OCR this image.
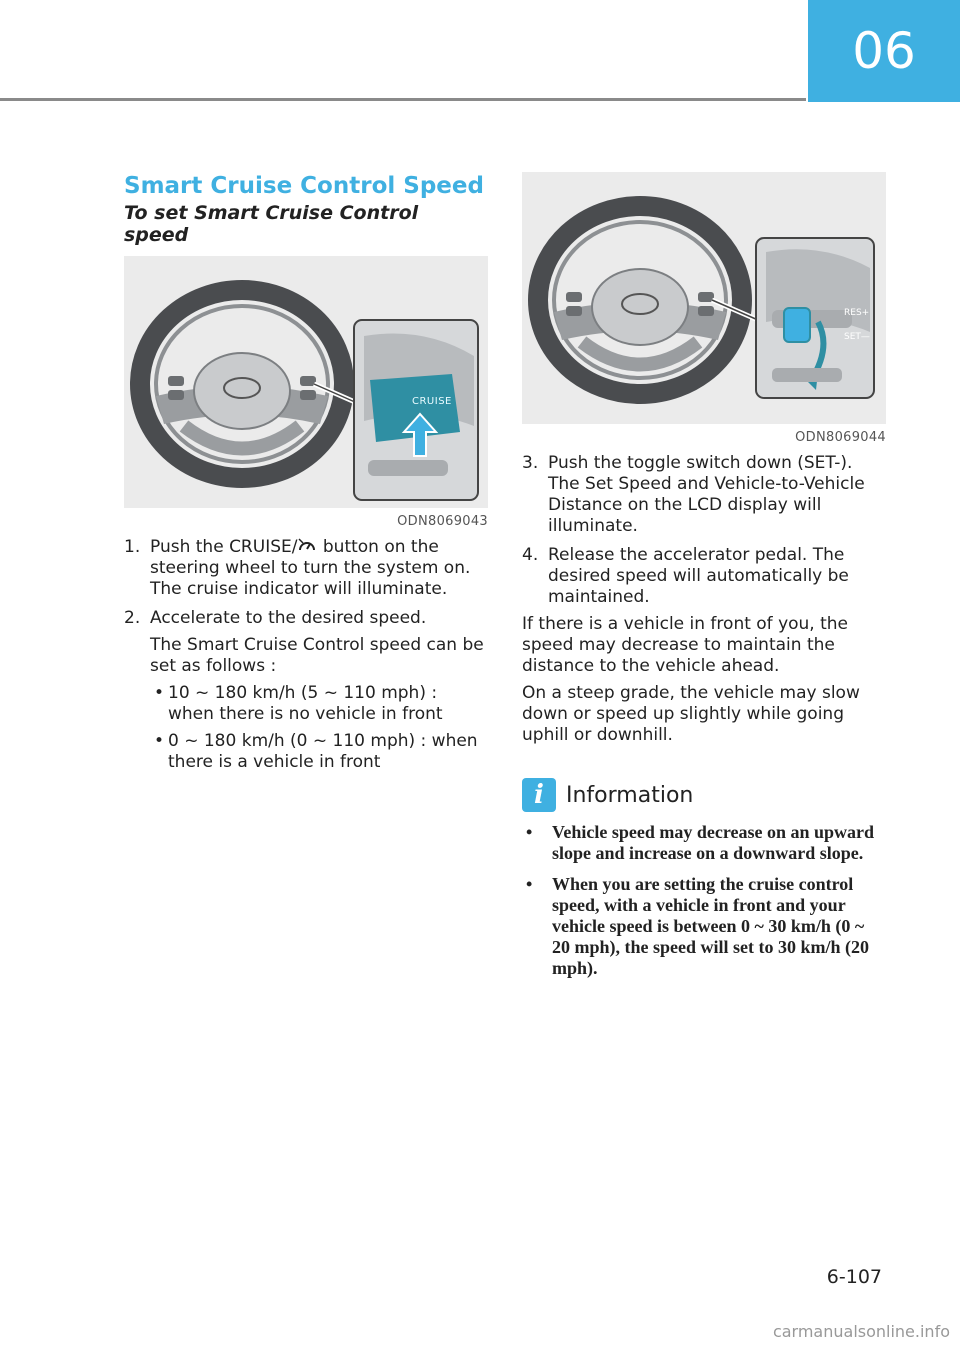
06
Smart Cruise Control Speed
To set Smart Cruise Control speed
CRUISE
ODN8069043
1. Push the CRUISE/ button on the steering wheel to turn the system on. The cruise indicator will illuminate.
2. Accelerate to the desired speed.
The Smart Cruise Control speed can be set as follows :
• 10 ~ 180 km/h (5 ~ 110 mph) : when there is no vehicle in front
• 0 ~ 180 km/h (0 ~ 110 mph) : when there is a vehicle in front
RES+
SET—
ODN8069044
3. Push the toggle switch down (SET-). The Set Speed and Vehicle-to-Vehicle Distance on the LCD display will illuminate.
4. Release the accelerator pedal. The desired speed will automatically be maintained.
If there is a vehicle in front of you, the speed may decrease to maintain the distance to the vehicle ahead.
On a steep grade, the vehicle may slow down or speed up slightly while going uphill or downhill.
i	Information
•	Vehicle speed may decrease on an upward slope and increase on a downward slope.
•	When you are setting the cruise control speed, with a vehicle in front and your vehicle speed is between 0 ~ 30 km/h (0 ~ 20 mph), the speed will set to 30 km/h (20 mph).
6-107
carmanualsonline.info
